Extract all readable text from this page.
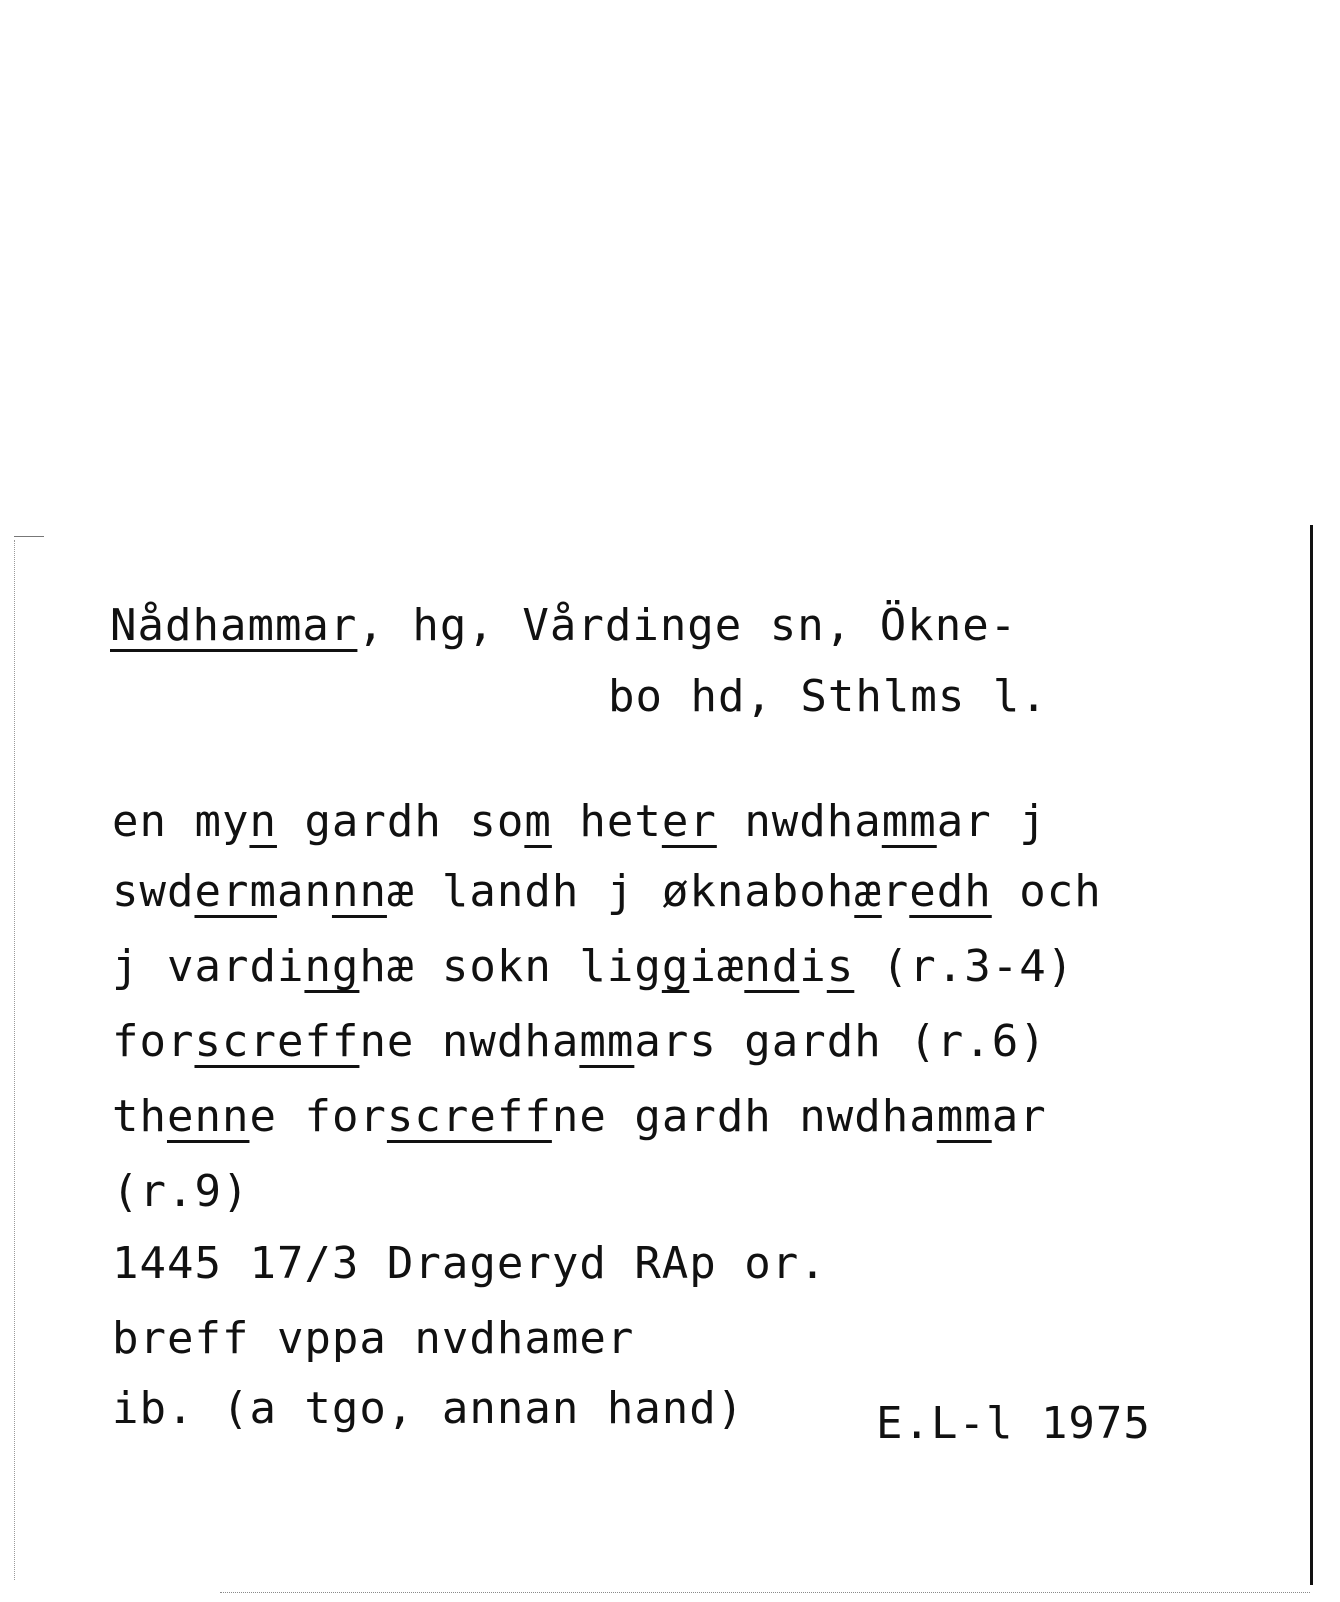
Nådhammar, hg, Vårdinge sn, Ökne-
bo hd, Sthlms l.
en myn gardh som heter nwdhammar j
swdermannnæ landh j øknabohæredh och
j vardinghæ sokn liggiændis (r.3-4)
forscreffne nwdhammars gardh (r.6)
thenne forscreffne gardh nwdhammar
(r.9)
1445 17/3 Drageryd RAp or.
breff vppa nvdhamer
ib. (a tgo, annan hand)	E.L-l 1975
